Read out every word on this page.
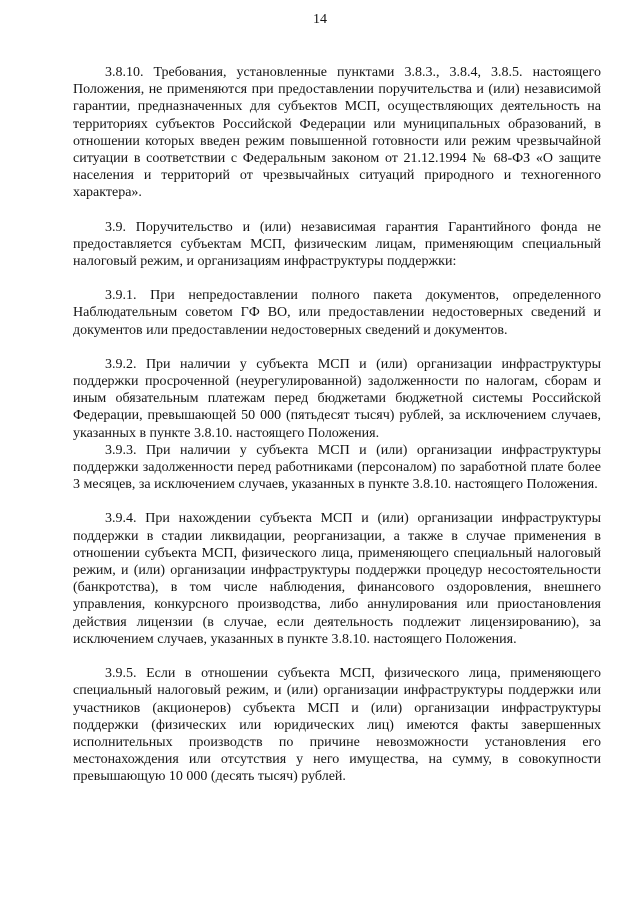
14

3.8.10. Требования, установленные пунктами 3.8.3., 3.8.4, 3.8.5. настоящего Положения, не применяются при предоставлении поручительства и (или) независимой гарантии, предназначенных для субъектов МСП, осуществляющих деятельность на территориях субъектов Российской Федерации или муниципальных образований, в отношении которых введен режим повышенной готовности или режим чрезвычайной ситуации в соответствии с Федеральным законом от 21.12.1994 № 68-ФЗ «О защите населения и территорий от чрезвычайных ситуаций природного и техногенного характера».

3.9. Поручительство и (или) независимая гарантия Гарантийного фонда не предоставляется субъектам МСП, физическим лицам, применяющим специальный налоговый режим, и организациям инфраструктуры поддержки:

3.9.1. При непредоставлении полного пакета документов, определенного Наблюдательным советом ГФ ВО, или предоставлении недостоверных сведений и документов или предоставлении недостоверных сведений и документов.

3.9.2. При наличии у субъекта МСП и (или) организации инфраструктуры поддержки просроченной (неурегулированной) задолженности по налогам, сборам и иным обязательным платежам перед бюджетами бюджетной системы Российской Федерации, превышающей 50 000 (пятьдесят тысяч) рублей, за исключением случаев, указанных в пункте 3.8.10. настоящего Положения.

3.9.3. При наличии у субъекта МСП и (или) организации инфраструктуры поддержки задолженности перед работниками (персоналом) по заработной плате более 3 месяцев, за исключением случаев, указанных в пункте 3.8.10. настоящего Положения.

3.9.4. При нахождении субъекта МСП и (или) организации инфраструктуры поддержки в стадии ликвидации, реорганизации, а также в случае применения в отношении субъекта МСП, физического лица, применяющего специальный налоговый режим, и (или) организации инфраструктуры поддержки процедур несостоятельности (банкротства), в том числе наблюдения, финансового оздоровления, внешнего управления, конкурсного производства, либо аннулирования или приостановления действия лицензии (в случае, если деятельность подлежит лицензированию), за исключением случаев, указанных в пункте 3.8.10. настоящего Положения.

3.9.5. Если в отношении субъекта МСП, физического лица, применяющего специальный налоговый режим, и (или) организации инфраструктуры поддержки или участников (акционеров) субъекта МСП и (или) организации инфраструктуры поддержки (физических или юридических лиц) имеются факты завершенных исполнительных производств по причине невозможности установления его местонахождения или отсутствия у него имущества, на сумму, в совокупности превышающую 10 000 (десять тысяч) рублей.
